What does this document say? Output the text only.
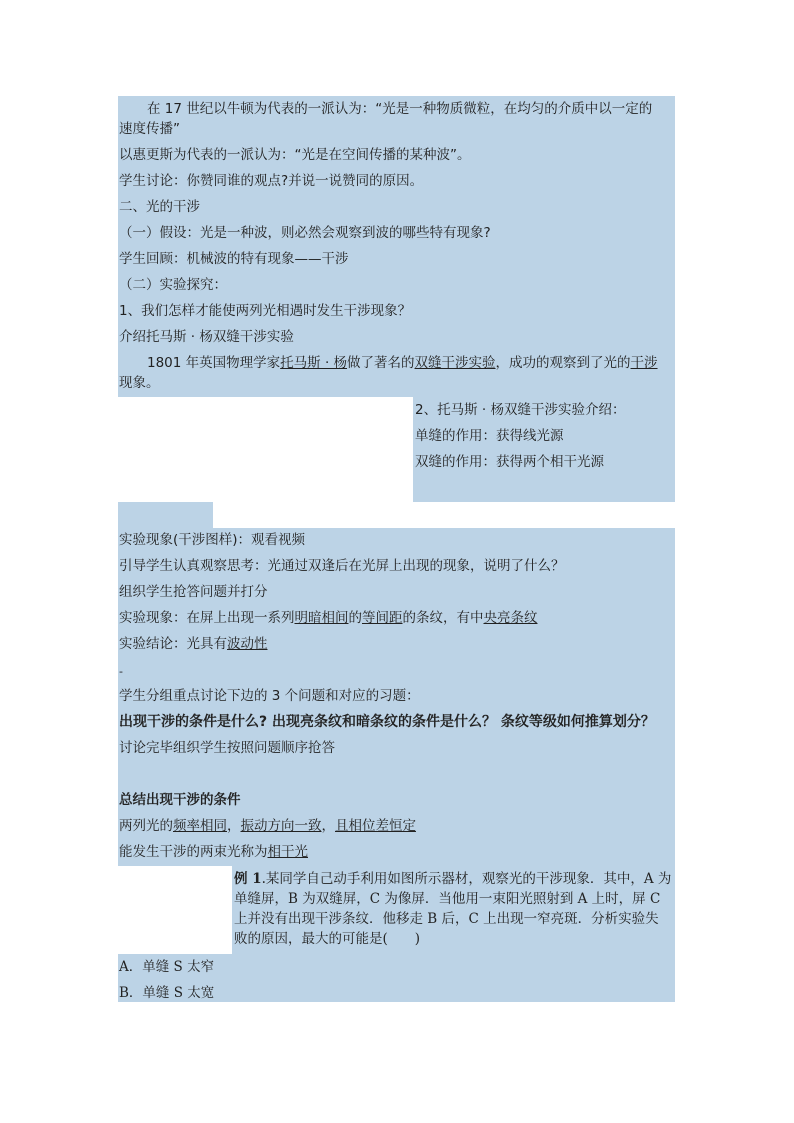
在 17 世纪以牛顿为代表的一派认为：“光是一种物质微粒，在均匀的介质中以一定的
速度传播”
以惠更斯为代表的一派认为：“光是在空间传播的某种波”。
学生讨论：你赞同谁的观点?并说一说赞同的原因。
二、光的干涉
（一）假设：光是一种波，则必然会观察到波的哪些特有现象?
学生回顾：机械波的特有现象——干涉
（二）实验探究：
1、我们怎样才能使两列光相遇时发生干涉现象？
介绍托马斯 · 杨双缝干涉实验
1801 年英国物理学家托马斯 · 杨做了著名的双缝干涉实验，成功的观察到了光的干涉
现象。
2、托马斯 · 杨双缝干涉实验介绍：
单缝的作用：获得线光源
双缝的作用：获得两个相干光源
实验现象(干涉图样)：观看视频
引导学生认真观察思考：光通过双逢后在光屏上出现的现象，说明了什么？
组织学生抢答问题并打分
实验现象：在屏上出现一系列明暗相间的等间距的条纹，有中央亮条纹
实验结论：光具有波动性
-
学生分组重点讨论下边的 3 个问题和对应的习题：
出现干涉的条件是什么? 出现亮条纹和暗条纹的条件是什么？ 条纹等级如何推算划分？
讨论完毕组织学生按照问题顺序抢答
总结出现干涉的条件
两列光的频率相同，振动方向一致，且相位差恒定
能发生干涉的两束光称为相干光
例 1.某同学自己动手利用如图所示器材，观察光的干涉现象．其中，A 为单缝屏，B 为双缝屏，C 为像屏．当他用一束阳光照射到 A 上时，屏 C 上并没有出现干涉条纹．他移走 B 后，C 上出现一窄亮斑．分析实验失败的原因，最大的可能是(　　)
A．单缝 S 太窄
B．单缝 S 太宽
